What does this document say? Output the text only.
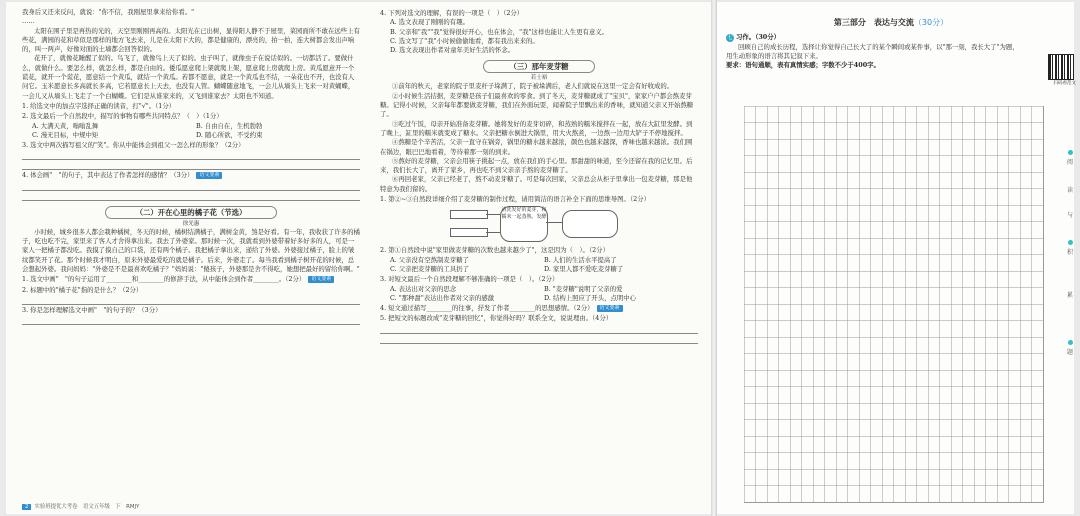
我身后又还来反问，就说："你不信，我刚屋里拿来给你看。"

……

太阳在围子里是再热的光的，天空里刚刚再高的。太阳光在已出树，显得阳人静不于屋里，菜园面所不敢在远些上有些花，满园的花和草似是那样的地方飞去来，儿是在太阳下大的，都是健康的，漂亮的，拍一拍，连大树都会发出声响的，叫一两声，好像对面的土墙都会回答似的。

花开了，就像花睡醒了似的。鸟飞了，就像鸟上天了似的。虫子叫了，就像虫子在说话似的。一切都活了。要做什么，就做什么。要怎么样，就怎么样，都是自由的。倭瓜愿意爬上架就爬上架，愿意爬上房就爬上房。黄瓜愿意开一个谎花，就开一个谎花，愿意结一个黄瓜，就结一个黄瓜。若都不愿意，就是一个黄瓜也不结，一朵花也不开，也没有人问它。玉米愿意长多高就长多高，它若愿意长上天去，也没有人管。蝴蝶随意地飞，一会儿从墙头上飞来一对黄蝴蝶，一会儿又从墙头上飞走了一个白蝴蝶。它们是从谁家来的，又飞到谁家去？太阳也不知道。

1. 给选文中的加点字选择正确的读音，打"√"。（1分）

2. 选文最后一个自然段中，描写的事物有哪些共同特点？（　）（1分）

A. 大满天黄，嗡嗡乱舞	B. 自由自在，生机勃勃
C. 漫无目标，中规中矩	D. 随心所欲，不受约束

3. 选文中两次描写祖父的"笑"。你从中能体会到祖父一怎么样的形象？（2分）

4. 体会画"　"的句子，其中表达了作者怎样的感情？（3分） 语文要素

（二）开在心里的橘子花（节选）
徐光惠

小时候，城乡很多人都会栽种橘树，冬天的时候，橘树结满橘子，满树金黄，煞是好看。有一年，我收获了许多的橘子，吃也吃不完，家里来了客人才舍得拿出来。我去了外婆家。那时候一次，我就看到外婆带着好多好多的人，可是一家人一把橘子都没吃。我摸了摸自己的口袋，还有两个橘子。我把橘子拿出来，递给了外婆。外婆接过橘子，脸上的皱纹都笑开了花。那个时候我才明白，原来外婆最爱吃的就是橘子。后来，外婆走了。每当我看到橘子树开花的时候，总会想起外婆。我问妈妈："外婆是不是最喜欢吃橘子？"妈妈说："傻孩子，外婆那是舍不得吃，她想把最好的留给你啊。"

1. 选文中画"　"的句子运用了________和________的修辞手法，从中能体会到作者________。（2分） 语文要素

2. 标题中的"橘子花"指的是什么？（2分）

3. 你是怎样理解选文中画"　"的句子的？（3分）

2 实验班提优大考卷　语文五年级　下　RMJY

4. 下列对选文的理解，有误的一项是（　）（2分）

A. 选文表现了刚刚的有趣。

B. 父亲和"我""我"觉得很好开心，也在体会，"我"这样也能让人生更有意义。

C. 选文写了"我"小时候偷偷地看，都有我出来来的。

D. 选文表现出作者对童年美好生活的怀念。

（三）那年麦芽糖
若士裕

①前年的秋天，老家的院子里麦秆子垛满了，院子被垛满后，老人们就说在这里一定会有好收成的。

②小时候生活拮据，麦芽糖是孩子们最喜欢的零食。到了冬天，麦芽糖就成了"宝贝"，家家户户都会熬麦芽糖。记得小时候，父亲每年都要做麦芽糖，我们在外面玩耍，闻着院子里飘出来的香味，就知道父亲又开始熬糖了。

③吃过午饭，母亲开始准备麦芽糖。她将发好的麦芽切碎，和蒸熟的糯米搅拌在一起，放在大缸里发酵。到了晚上，缸里的糯米就变成了糖水。父亲把糖水倒进大锅里，用大火熬煮，一边熬一边用大铲子不停地搅拌。

④熬糖是个辛苦活，父亲一直守在锅旁，锅里的糖水越来越浓，颜色也越来越深，香味也越来越浓。我们围在锅边，眼巴巴地看着，等待着那一刻的到来。

⑤熬好的麦芽糖，父亲会用筷子挑起一点，放在我们的手心里。那甜甜的味道，至今还留在我的记忆里。后来，我们长大了，离开了家乡，再也吃不到父亲亲手熬的麦芽糖了。

⑥再回老家，父亲已经老了，熬不动麦芽糖了。可是每次回家，父亲总会从柜子里拿出一包麦芽糖，那是他特意为我们留的。

1. 第②~③自然段详细介绍了麦芽糖的制作过程，请用简洁的语言补全下面的思维导图。（2分）

清洗发好的麦芽，和糯米一起蒸熟、发酵

2. 第①自然段中说"家里做麦芽糖的次数也越来越少了"，这是因为（　）。（2分）

A. 父亲没有空熬制麦芽糖了	B. 人们的生活水平提高了
C. 父亲把麦芽糖的工具扔了	D. 家里人都不爱吃麦芽糖了

3. 对短文最后一个自然段理解不够准确的一项是（　）。（2分）

A. 表达出对父亲的思念	B. "麦芽糖"说明了父亲的爱
C. "那种甜"表达出作者对父亲的感激	D. 结构上照应了开头，点明中心

4. 短文通过描写________的往事，抒发了作者________的思想感情。（2分） 语文要素

5. 把短文的标题改成"麦芽糖的回忆"，你觉得好吗？联系全文，说说理由。（4分）

第三部分　表达与交流（30分）

七 习作。（30分）

回顾自己的成长历程，选择让你觉得自己长大了的某个瞬间或某件事，以"那一刻，我长大了"为题，用生动形象的语言将其记叙下来。

要求：语句通顺，表有真情实感；字数不少于400字。

扫码看范文
阅
读
与
积
累
题
